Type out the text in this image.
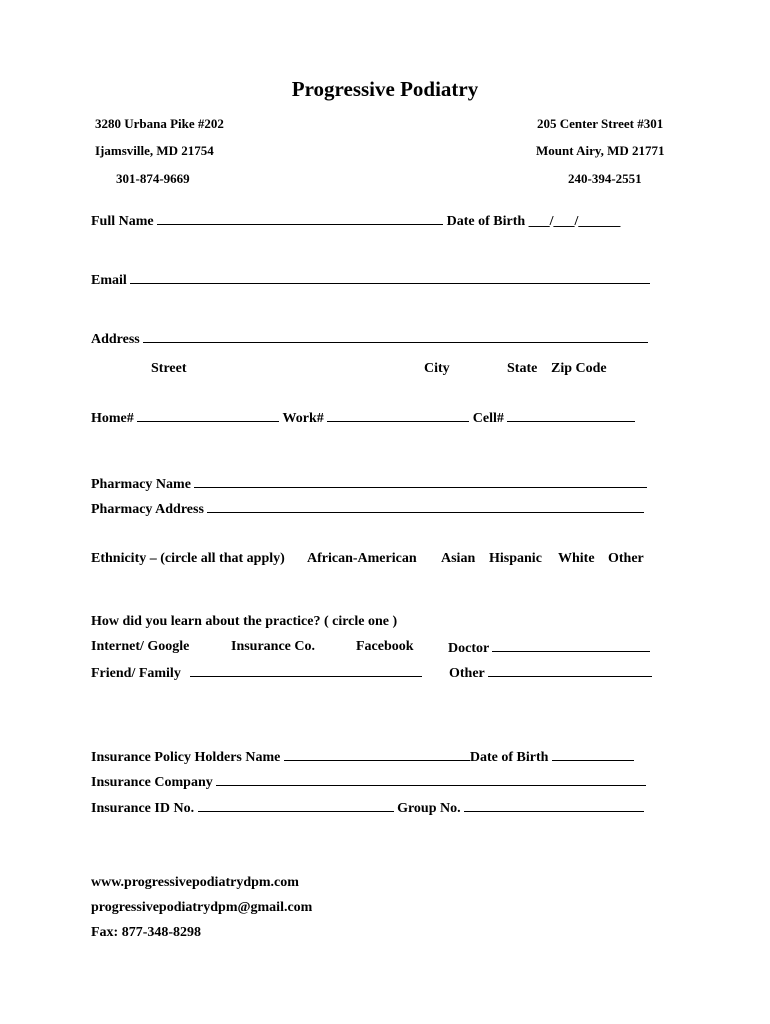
Progressive Podiatry
3280 Urbana Pike #202
Ijamsville, MD 21754
301-874-9669
205 Center Street #301
Mount Airy, MD 21771
240-394-2551
Full Name	Date of Birth ___/___/______
Email
Address
Street	City	State Zip Code
Home#	Work#	Cell#
Pharmacy Name
Pharmacy Address
Ethnicity – (circle all that apply) African-American Asian Hispanic White Other
How did you learn about the practice? ( circle one )
Internet/ Google	Insurance Co.	Facebook Doctor
Friend/ Family	Other
Insurance Policy Holders Name	Date of Birth
Insurance Company
Insurance ID No.	Group No.
www.progressivepodiatrydpm.com
progressivepodiatrydpm@gmail.com
Fax: 877-348-8298
